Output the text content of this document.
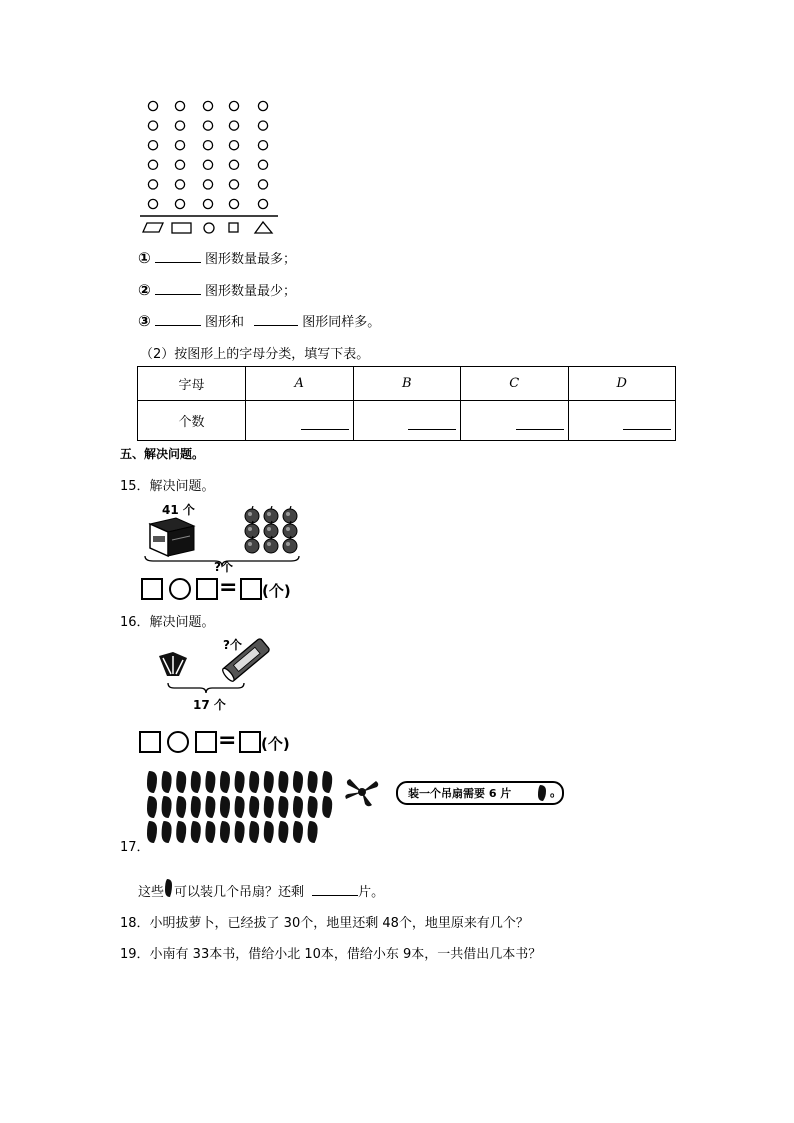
①	图形数量最多；
②	图形数量最少；
③	图形和	图形同样多。
（2）按图形上的字母分类，填写下表。
字母	A	B	C	D
个数				
五、解决问题。
15．解决问题。
41 个
?个
= (个)
16．解决问题。
?个
17 个
= (个)
装一个吊扇需要 6 片	。
17．
这些 可以装几个吊扇？还剩	片。
18．小明拔萝卜，已经拔了 30个，地里还剩 48个，地里原来有几个？
19．小南有 33本书，借给小北 10本，借给小东 9本，一共借出几本书？
